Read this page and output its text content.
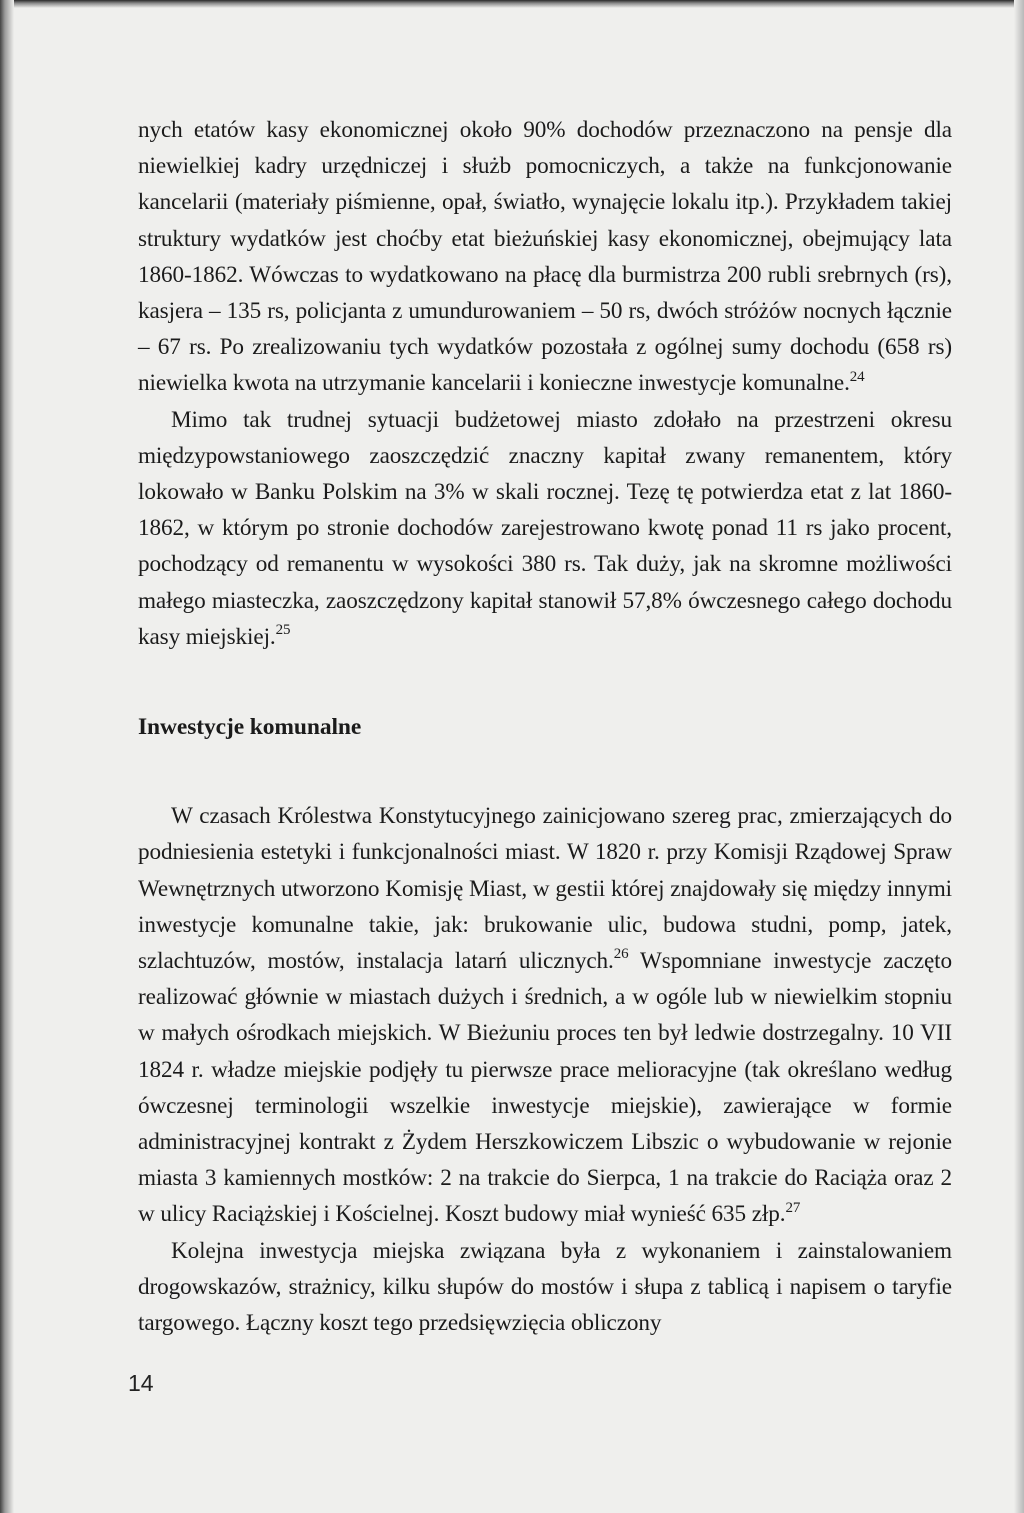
nych etatów kasy ekonomicznej około 90% dochodów przeznaczono na pensje dla niewielkiej kadry urzędniczej i służb pomocniczych, a także na funkcjonowanie kancelarii (materiały piśmienne, opał, światło, wynajęcie lokalu itp.). Przykładem takiej struktury wydatków jest choćby etat bieżuńskiej kasy ekonomicznej, obejmujący lata 1860-1862. Wówczas to wydatkowano na płacę dla burmistrza 200 rubli srebrnych (rs), kasjera – 135 rs, policjanta z umundurowaniem – 50 rs, dwóch stróżów nocnych łącznie – 67 rs. Po zrealizowaniu tych wydatków pozostała z ogólnej sumy dochodu (658 rs) niewielka kwota na utrzymanie kancelarii i konieczne inwestycje komunalne.$^{24}$

Mimo tak trudnej sytuacji budżetowej miasto zdołało na przestrzeni okresu międzypowstaniowego zaoszczędzić znaczny kapitał zwany remanentem, który lokowało w Banku Polskim na 3% w skali rocznej. Tezę tę potwierdza etat z lat 1860-1862, w którym po stronie dochodów zarejestrowano kwotę ponad 11 rs jako procent, pochodzący od remanentu w wysokości 380 rs. Tak duży, jak na skromne możliwości małego miasteczka, zaoszczędzony kapitał stanowił 57,8% ówczesnego całego dochodu kasy miejskiej.$^{25}$

Inwestycje komunalne

W czasach Królestwa Konstytucyjnego zainicjowano szereg prac, zmierzających do podniesienia estetyki i funkcjonalności miast. W 1820 r. przy Komisji Rządowej Spraw Wewnętrznych utworzono Komisję Miast, w gestii której znajdowały się między innymi inwestycje komunalne takie, jak: brukowanie ulic, budowa studni, pomp, jatek, szlachtuzów, mostów, instalacja latarń ulicznych.$^{26}$ Wspomniane inwestycje zaczęto realizować głównie w miastach dużych i średnich, a w ogóle lub w niewielkim stopniu w małych ośrodkach miejskich. W Bieżuniu proces ten był ledwie dostrzegalny. 10 VII 1824 r. władze miejskie podjęły tu pierwsze prace melioracyjne (tak określano według ówczesnej terminologii wszelkie inwestycje miejskie), zawierające w formie administracyjnej kontrakt z Żydem Herszkowiczem Libszic o wybudowanie w rejonie miasta 3 kamiennych mostków: 2 na trakcie do Sierpca, 1 na trakcie do Raciąża oraz 2 w ulicy Raciążskiej i Kościelnej. Koszt budowy miał wynieść 635 złp.$^{27}$

Kolejna inwestycja miejska związana była z wykonaniem i zainstalowaniem drogowskazów, strażnicy, kilku słupów do mostów i słupa z tablicą i napisem o taryfie targowego. Łączny koszt tego przedsięwzięcia obliczony

14
